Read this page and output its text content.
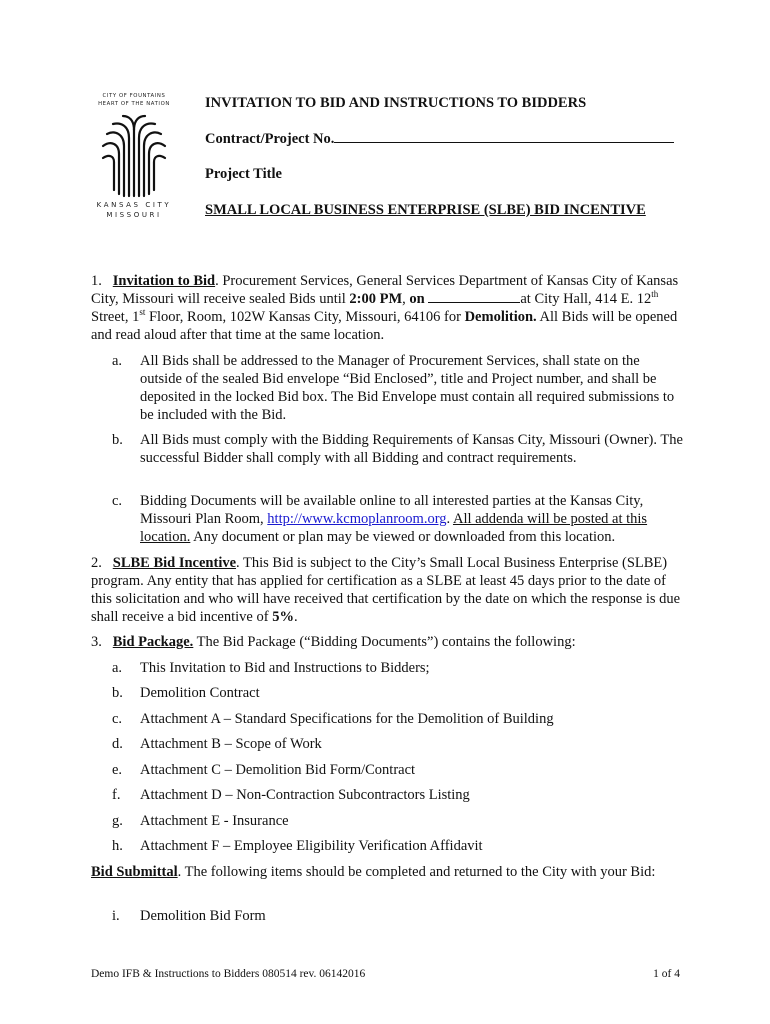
CITY OF FOUNTAINS
HEART OF THE NATION
KANSAS CITY
MISSOURI
INVITATION TO BID AND INSTRUCTIONS TO BIDDERS
Contract/Project No.
Project Title
SMALL LOCAL BUSINESS ENTERPRISE (SLBE) BID INCENTIVE
1. Invitation to Bid. Procurement Services, General Services Department of Kansas City of Kansas City, Missouri will receive sealed Bids until 2:00 PM, on	at City Hall, 414 E. 12th Street, 1st Floor, Room, 102W Kansas City, Missouri, 64106 for Demolition. All Bids will be opened and read aloud after that time at the same location.
a. All Bids shall be addressed to the Manager of Procurement Services, shall state on the outside of the sealed Bid envelope “Bid Enclosed”, title and Project number, and shall be deposited in the locked Bid box. The Bid Envelope must contain all required submissions to be included with the Bid.
b. All Bids must comply with the Bidding Requirements of Kansas City, Missouri (Owner). The successful Bidder shall comply with all Bidding and contract requirements.
c. Bidding Documents will be available online to all interested parties at the Kansas City, Missouri Plan Room, http://www.kcmoplanroom.org. All addenda will be posted at this location. Any document or plan may be viewed or downloaded from this location.
2. SLBE Bid Incentive. This Bid is subject to the City’s Small Local Business Enterprise (SLBE) program. Any entity that has applied for certification as a SLBE at least 45 days prior to the date of this solicitation and who will have received that certification by the date on which the response is due shall receive a bid incentive of 5%.
3. Bid Package. The Bid Package (“Bidding Documents”) contains the following:
a. This Invitation to Bid and Instructions to Bidders;
b. Demolition Contract
c. Attachment A – Standard Specifications for the Demolition of Building
d. Attachment B – Scope of Work
e. Attachment C – Demolition Bid Form/Contract
f. Attachment D – Non-Contraction Subcontractors Listing
g. Attachment E - Insurance
h. Attachment F – Employee Eligibility Verification Affidavit
Bid Submittal. The following items should be completed and returned to the City with your Bid:
i. Demolition Bid Form
Demo IFB & Instructions to Bidders 080514 rev. 06142016	1 of 4
